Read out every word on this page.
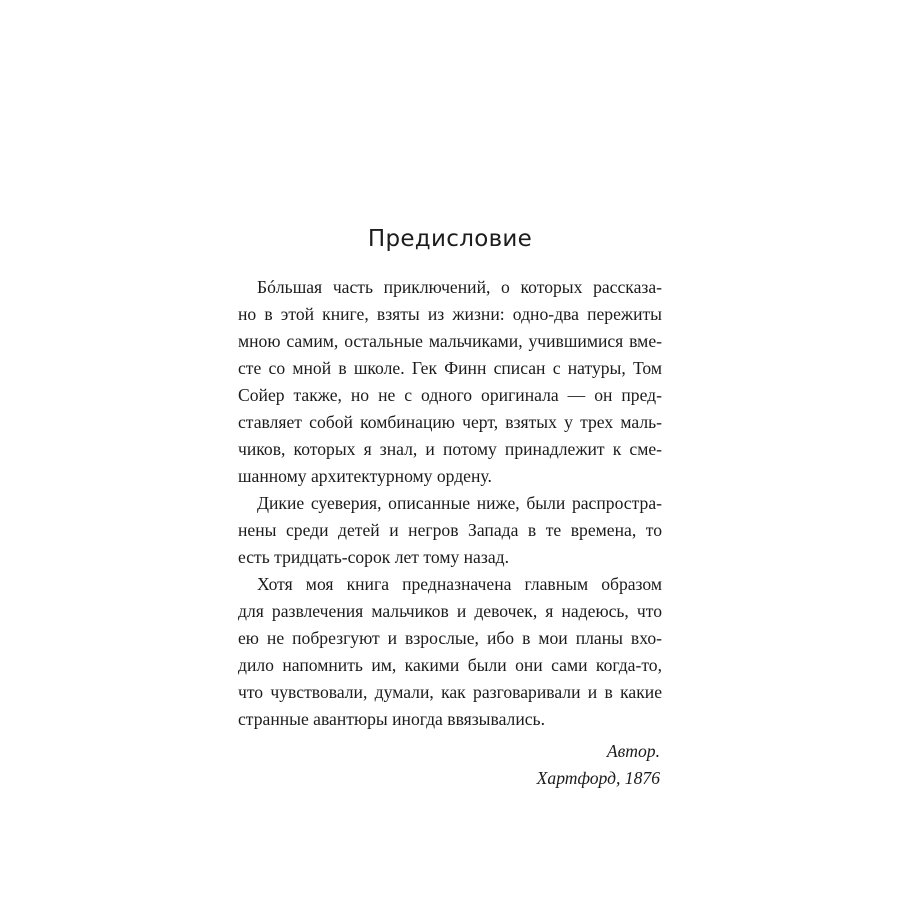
Предисловие
Бóльшая часть приключений, о которых рассказа-
но в этой книге, взяты из жизни: одно-два пережиты
мною самим, остальные мальчиками, учившимися вме-
сте со мной в школе. Гек Финн списан с натуры, Том
Сойер также, но не с одного оригинала — он пред-
ставляет собой комбинацию черт, взятых у трех маль-
чиков, которых я знал, и потому принадлежит к сме-
шанному архитектурному ордену.
Дикие суеверия, описанные ниже, были распростра-
нены среди детей и негров Запада в те времена, то
есть тридцать-сорок лет тому назад.
Хотя моя книга предназначена главным образом
для развлечения мальчиков и девочек, я надеюсь, что
ею не побрезгуют и взрослые, ибо в мои планы вхо-
дило напомнить им, какими были они сами когда-то,
что чувствовали, думали, как разговаривали и в какие
странные авантюры иногда ввязывались.
Автор.
Хартфорд, 1876
